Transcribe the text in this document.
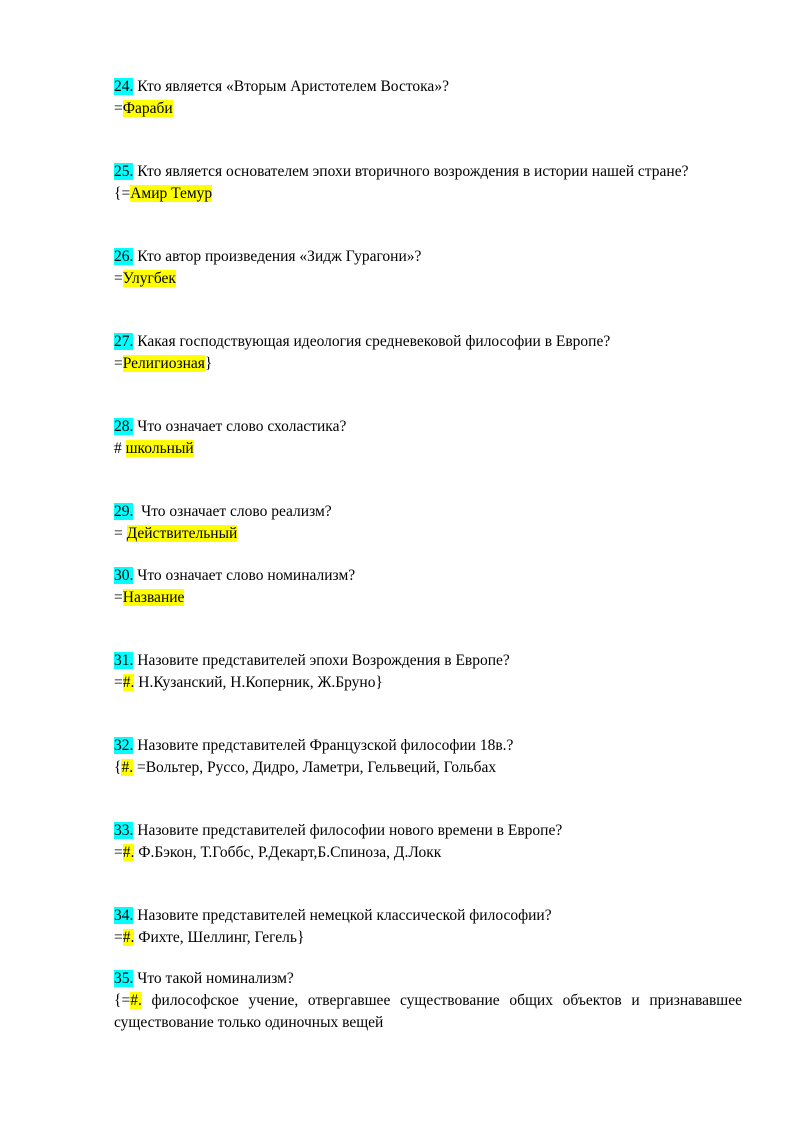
24. Кто является «Вторым Аристотелем Востока»?
=Фараби
25. Кто является основателем эпохи вторичного возрождения в истории нашей стране?
{=Амир Темур
26. Кто автор произведения «Зидж Гурагони»?
=Улугбек
27. Какая господствующая идеология средневековой философии в Европе?
=Религиозная}
28. Что означает слово схоластика?
# школьный
29.  Что означает слово реализм?
= Действительный
30. Что означает слово номинализм?
=Название
31. Назовите представителей эпохи Возрождения в Европе?
=#. Н.Кузанский, Н.Коперник, Ж.Бруно}
32. Назовите представителей Французской философии 18в.?
{#. =Вольтер, Руссо, Дидро, Ламетри, Гельвеций, Гольбах
33. Назовите представителей философии нового времени в Европе?
=#. Ф.Бэкон, Т.Гоббс, Р.Декарт,Б.Спиноза, Д.Локк
34. Назовите представителей немецкой классической философии?
=#. Фихте, Шеллинг, Гегель}
35. Что такой номинализм?
{=#. философское учение, отвергавшее существование общих объектов и признававшее существование только одиночных вещей
